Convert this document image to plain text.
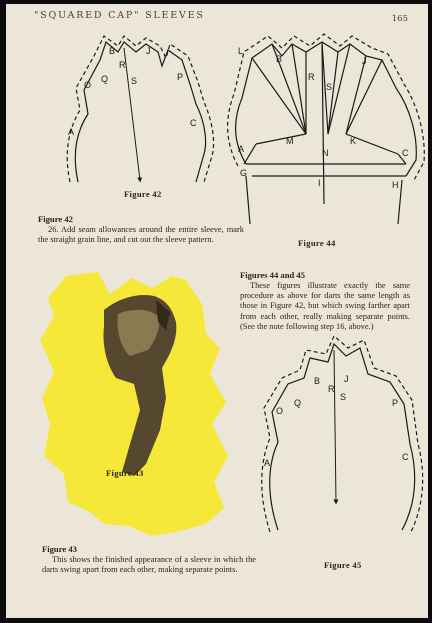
"SQUARED CAP" SLEEVES	165
O
Q
B	J
R
S	P
A
C
L
B
R
S
J
A
M
N
K
G
I	H
C
B	J
O
Q
R
S
P
A
C
Figure 42
Figure 44
Figure 43
Figure 45
Figure 42

26. Add seam allowances around the entire sleeve, mark the straight grain line, and cut out the sleeve pattern.

Figures 44 and 45

These figures illustrate exactly the same procedure as above for darts the same length as those in Figure 42, but which swing farther apart from each other, really making separate points. (See the note following step 16, above.)

Figure 43

This shows the finished appearance of a sleeve in which the darts swing apart from each other, making separate points.
